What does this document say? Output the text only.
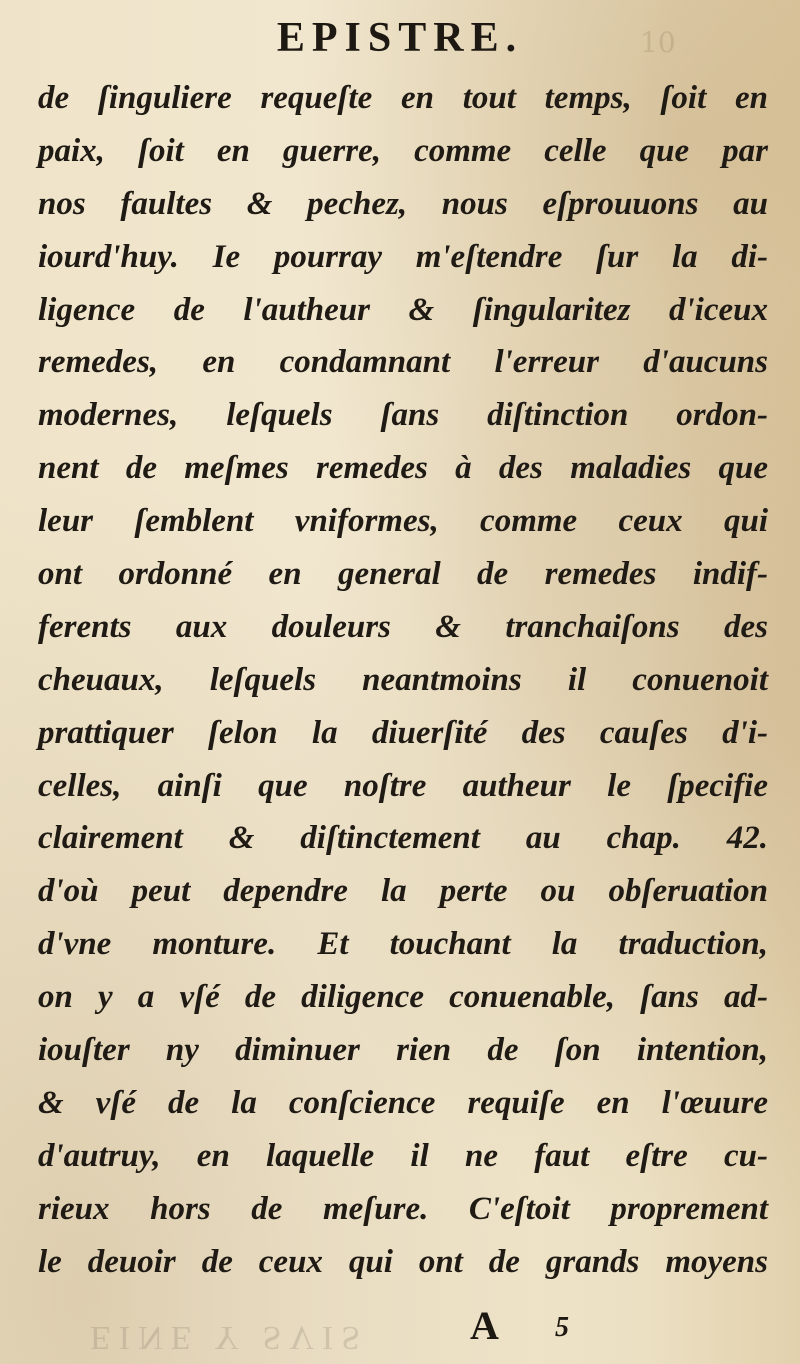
10
EPISTRE.
de ſinguliere requeſte en tout temps, ſoit en
paix, ſoit en guerre, comme celle que par
nos faultes & pechez, nous eſprouuons au
iourd'huy. Ie pourray m'eſtendre ſur la di-
ligence de l'autheur & ſingularitez d'iceux
remedes, en condamnant l'erreur d'aucuns
modernes, leſquels ſans diſtinction ordon-
nent de meſmes remedes à des maladies que
leur ſemblent vniformes, comme ceux qui
ont ordonné en general de remedes indif-
ferents aux douleurs & tranchaiſons des
cheuaux, leſquels neantmoins il conuenoit
prattiquer ſelon la diuerſité des cauſes d'i-
celles, ainſi que noſtre autheur le ſpecifie
clairement & diſtinctement au chap. 42.
d'où peut dependre la perte ou obſeruation
d'vne monture. Et touchant la traduction,
on y a vſé de diligence conuenable, ſans ad-
iouſter ny diminuer rien de ſon intention,
& vſé de la conſcience requiſe en l'œuure
d'autruy, en laquelle il ne faut eſtre cu-
rieux hors de meſure. C'eſtoit proprement
le deuoir de ceux qui ont de grands moyens
EINE Y SVIS	A 5
